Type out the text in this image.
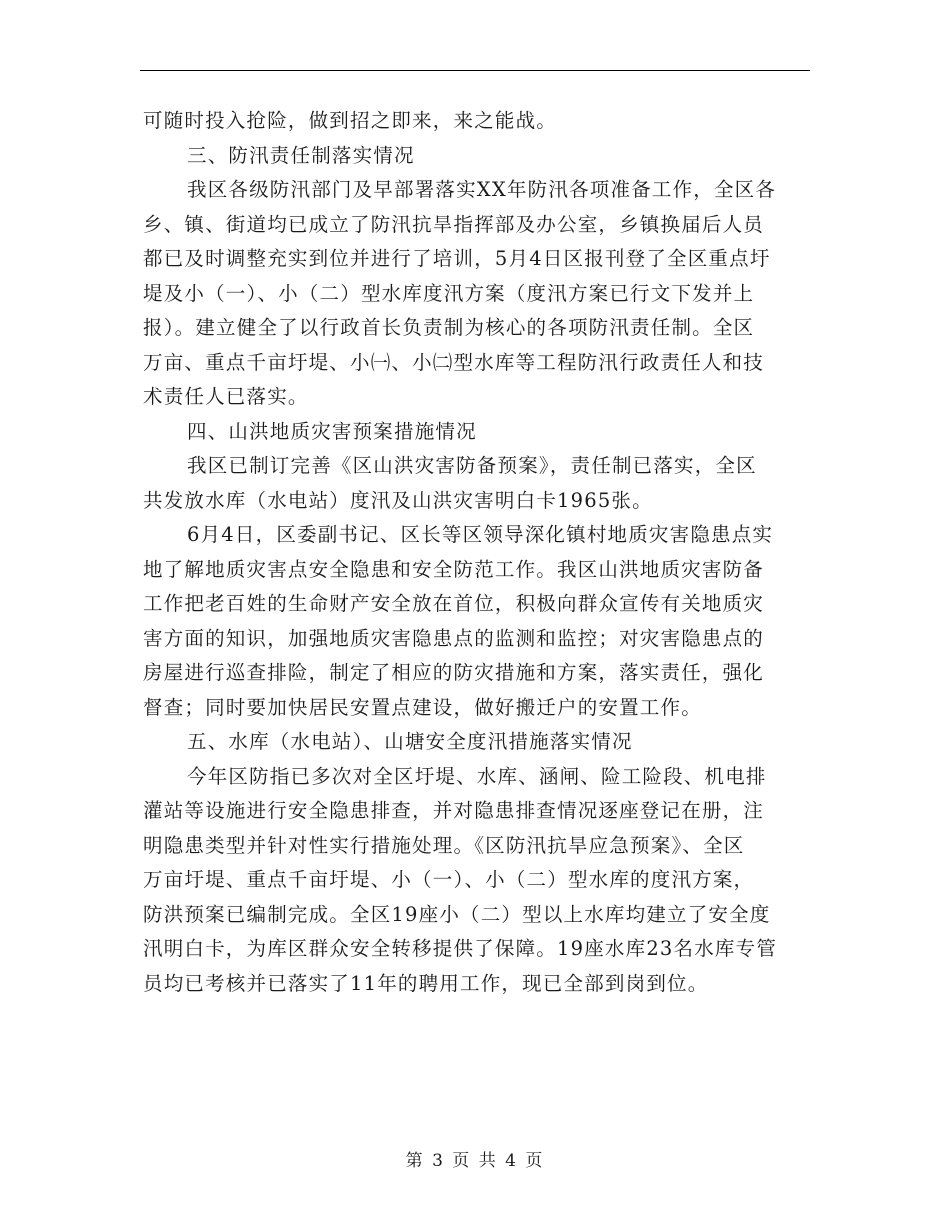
可随时投入抢险，做到招之即来，来之能战。

三、防汛责任制落实情况

我区各级防汛部门及早部署落实XX年防汛各项准备工作，全区各

乡、镇、街道均已成立了防汛抗旱指挥部及办公室，乡镇换届后人员

都已及时调整充实到位并进行了培训，5月4日区报刊登了全区重点圩

堤及小（一）、小（二）型水库度汛方案（度汛方案已行文下发并上

报）。建立健全了以行政首长负责制为核心的各项防汛责任制。全区

万亩、重点千亩圩堤、小㈠、小㈡型水库等工程防汛行政责任人和技

术责任人已落实。

四、山洪地质灾害预案措施情况

我区已制订完善《区山洪灾害防备预案》，责任制已落实，全区

共发放水库（水电站）度汛及山洪灾害明白卡1965张。

6月4日，区委副书记、区长等区领导深化镇村地质灾害隐患点实

地了解地质灾害点安全隐患和安全防范工作。我区山洪地质灾害防备

工作把老百姓的生命财产安全放在首位，积极向群众宣传有关地质灾

害方面的知识，加强地质灾害隐患点的监测和监控；对灾害隐患点的

房屋进行巡查排险，制定了相应的防灾措施和方案，落实责任，强化

督查；同时要加快居民安置点建设，做好搬迁户的安置工作。

五、水库（水电站）、山塘安全度汛措施落实情况

今年区防指已多次对全区圩堤、水库、涵闸、险工险段、机电排

灌站等设施进行安全隐患排查，并对隐患排查情况逐座登记在册，注

明隐患类型并针对性实行措施处理。《区防汛抗旱应急预案》、全区

万亩圩堤、重点千亩圩堤、小（一）、小（二）型水库的度汛方案，

防洪预案已编制完成。全区19座小（二）型以上水库均建立了安全度

汛明白卡，为库区群众安全转移提供了保障。19座水库23名水库专管

员均已考核并已落实了11年的聘用工作，现已全部到岗到位。

第 3 页 共 4 页
